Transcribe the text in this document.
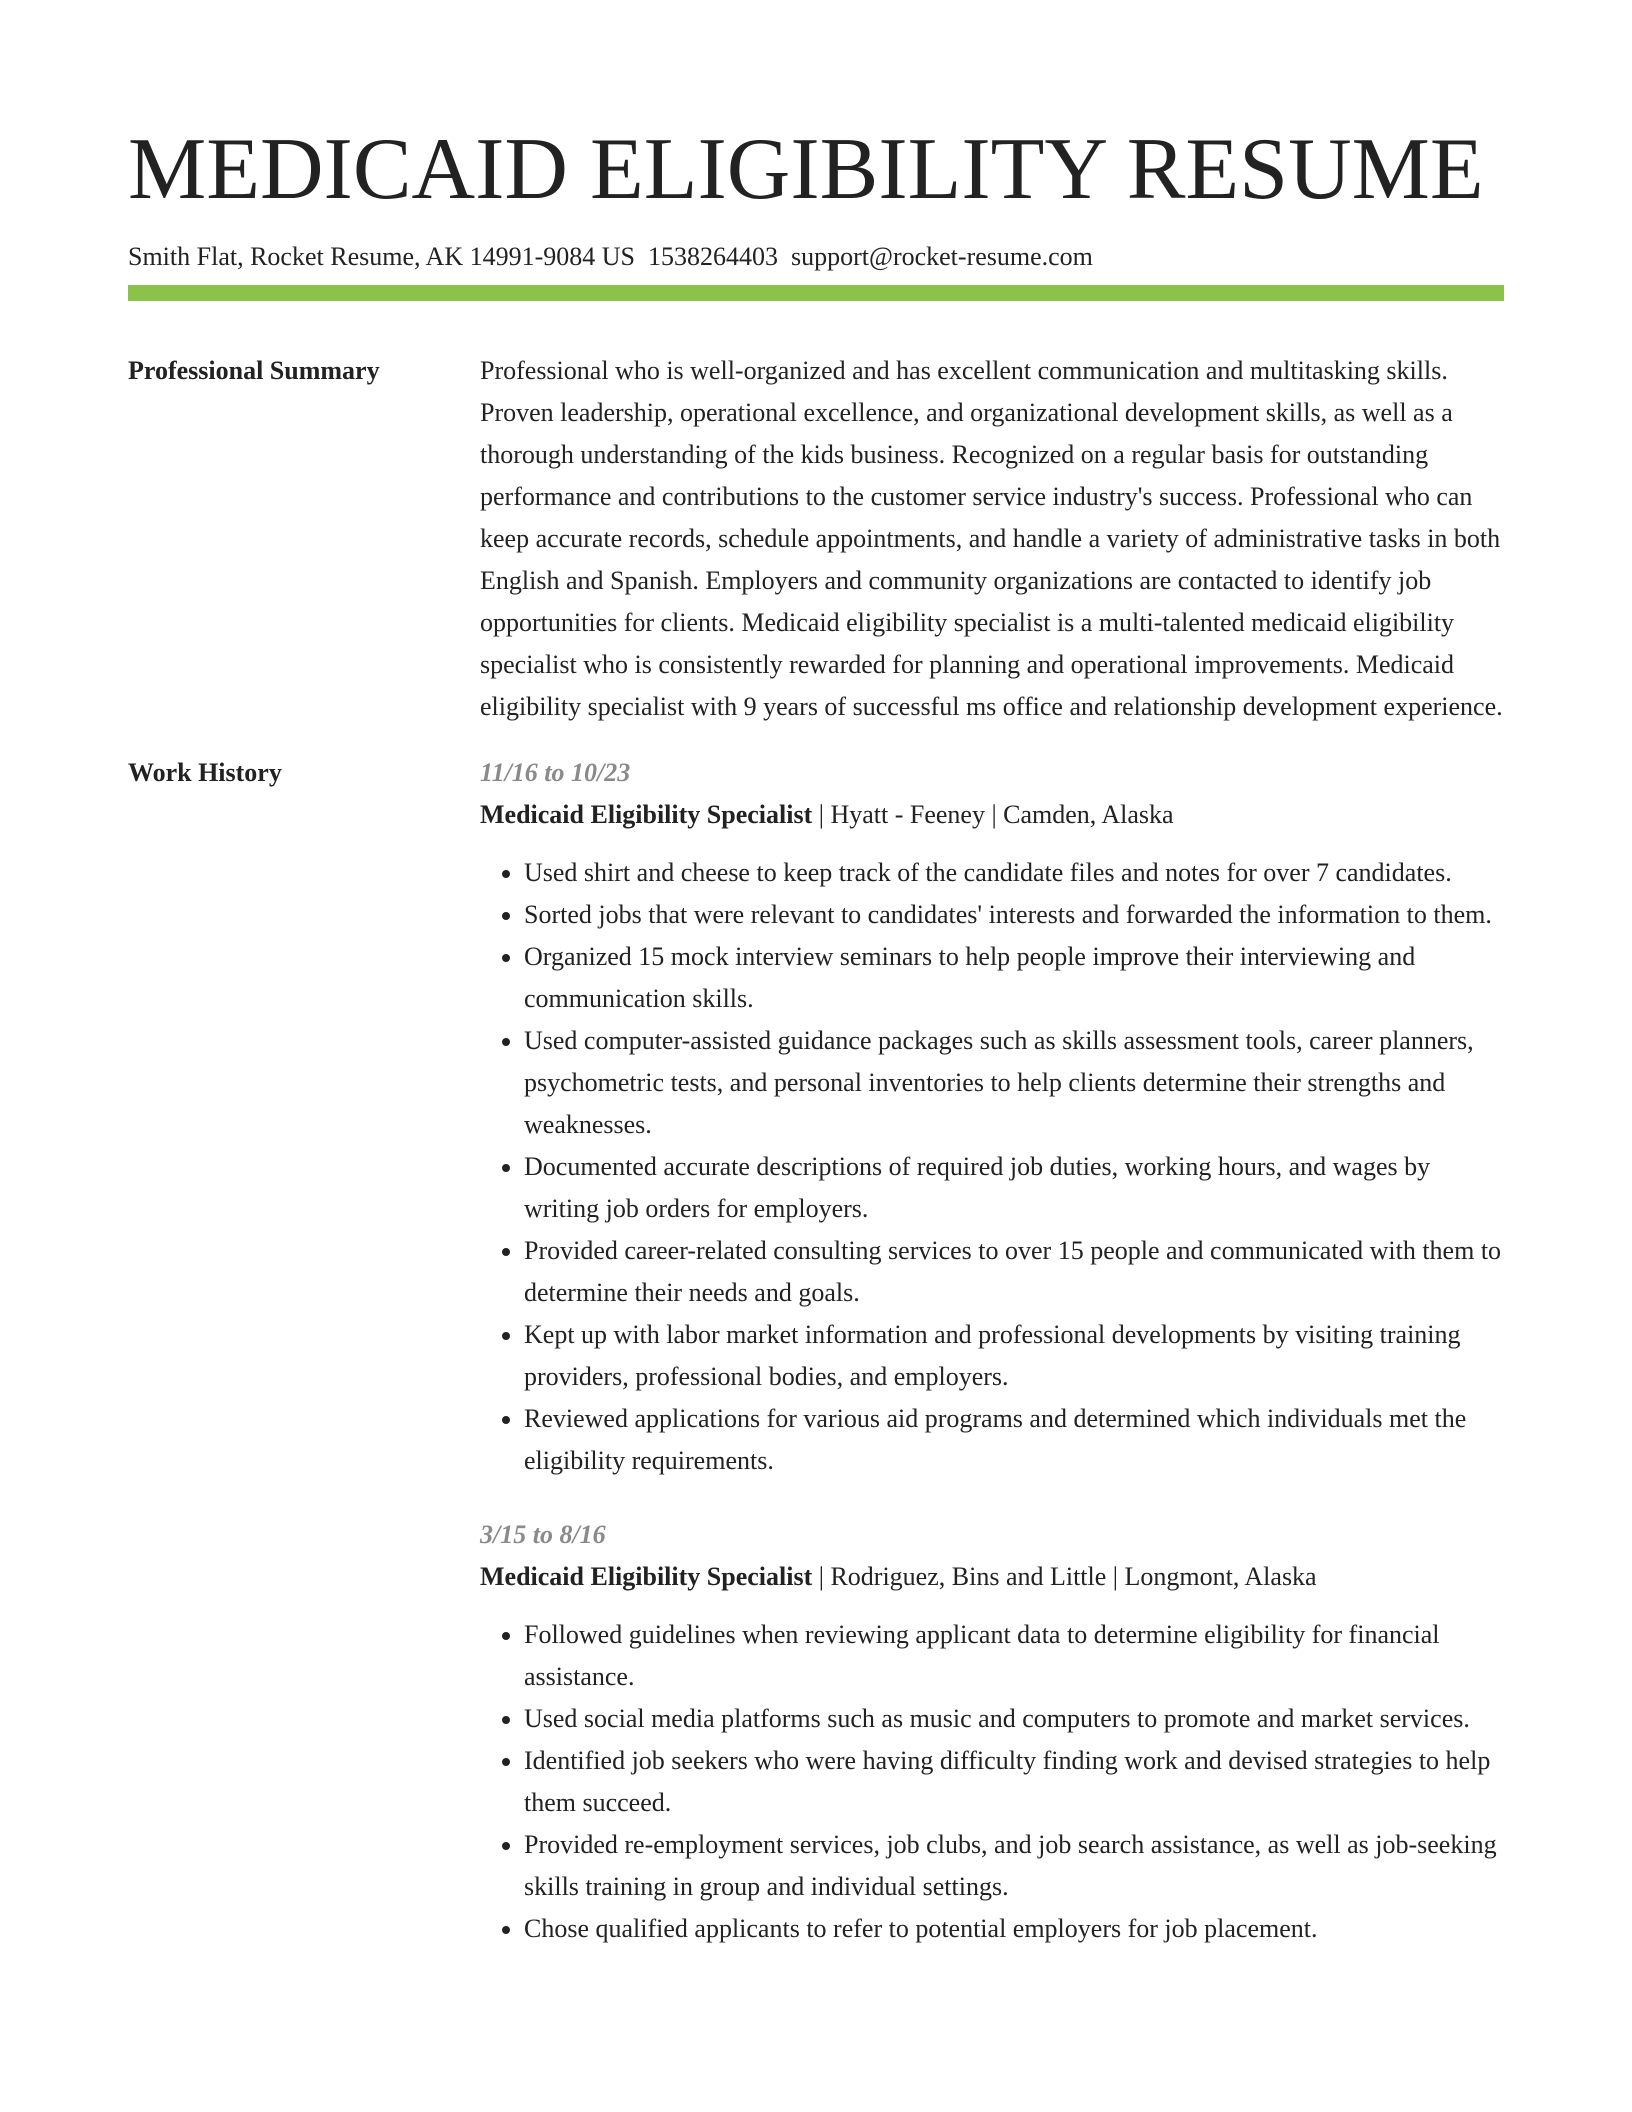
MEDICAID ELIGIBILITY RESUME
Smith Flat, Rocket Resume, AK 14991-9084 US 1538264403 support@rocket-resume.com
Professional Summary	Professional who is well-organized and has excellent communication and multitasking skills. Proven leadership, operational excellence, and organizational development skills, as well as a thorough understanding of the kids business. Recognized on a regular basis for outstanding performance and contributions to the customer service industry's success. Professional who can keep accurate records, schedule appointments, and handle a variety of administrative tasks in both English and Spanish. Employers and community organizations are contacted to identify job opportunities for clients. Medicaid eligibility specialist is a multi-talented medicaid eligibility specialist who is consistently rewarded for planning and operational improvements. Medicaid eligibility specialist with 9 years of successful ms office and relationship development experience.

Work History	11/16 to 10/23

Medicaid Eligibility Specialist | Hyatt - Feeney | Camden, Alaska

• Used shirt and cheese to keep track of the candidate files and notes for over 7 candidates.
• Sorted jobs that were relevant to candidates' interests and forwarded the information to them.
• Organized 15 mock interview seminars to help people improve their interviewing and communication skills.
• Used computer-assisted guidance packages such as skills assessment tools, career planners, psychometric tests, and personal inventories to help clients determine their strengths and weaknesses.
• Documented accurate descriptions of required job duties, working hours, and wages by writing job orders for employers.
• Provided career-related consulting services to over 15 people and communicated with them to determine their needs and goals.
• Kept up with labor market information and professional developments by visiting training providers, professional bodies, and employers.
• Reviewed applications for various aid programs and determined which individuals met the eligibility requirements.
3/15 to 8/16

Medicaid Eligibility Specialist | Rodriguez, Bins and Little | Longmont, Alaska

• Followed guidelines when reviewing applicant data to determine eligibility for financial assistance.
• Used social media platforms such as music and computers to promote and market services.
• Identified job seekers who were having difficulty finding work and devised strategies to help them succeed.
• Provided re-employment services, job clubs, and job search assistance, as well as job-seeking skills training in group and individual settings.
• Chose qualified applicants to refer to potential employers for job placement.
